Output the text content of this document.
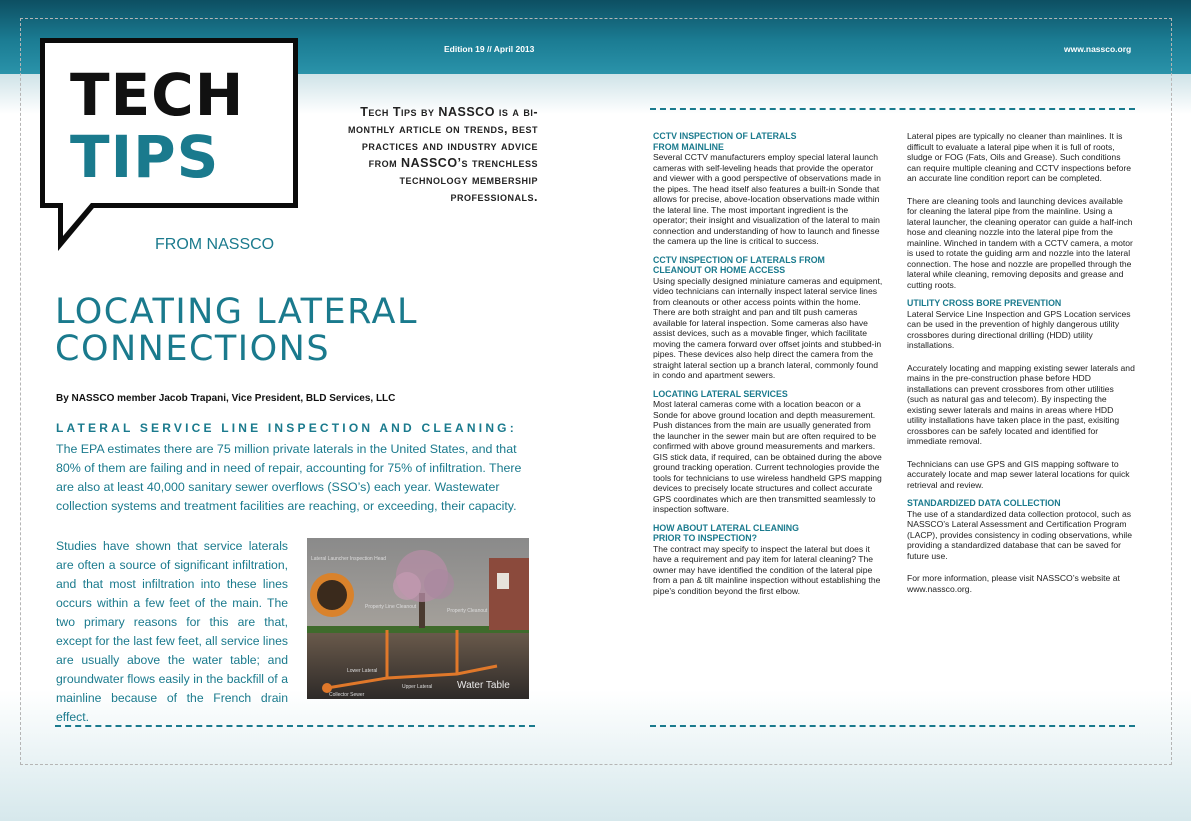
Edition 19 // April 2013	www.nassco.org
TECH
TIPS
FROM NASSCO
Tech Tips by NASSCO is a bi-monthly article on trends, best practices and industry advice from NASSCO’s trenchless technology membership professionals.
LOCATING LATERAL
CONNECTIONS
By NASSCO member Jacob Trapani, Vice President, BLD Services, LLC
LATERAL SERVICE LINE INSPECTION AND CLEANING:

The EPA estimates there are 75 million private laterals in the United States, and that 80% of them are failing and in need of repair, accounting for 75% of infiltration. There are also at least 40,000 sanitary sewer overflows (SSO’s) each year. Wastewater collection systems and treatment facilities are reaching, or exceeding, their capacity.

Studies have shown that service laterals are often a source of significant infiltration, and that most infiltration into these lines occurs within a few feet of the main. The two primary reasons for this are that, except for the last few feet, all service lines are usually above the water table; and groundwater flows easily in the backfill of a mainline because of the French drain effect.

Lateral Launcher Inspection Head
Property Line Cleanout
Property Cleanout
Lower Lateral
Upper Lateral
Collector Sewer
Water Table
CCTV INSPECTION OF LATERALS
FROM MAINLINE

Several CCTV manufacturers employ special lateral launch cameras with self-leveling heads that provide the operator and viewer with a good perspective of observations made in the pipes. The head itself also features a built-in Sonde that allows for precise, above-location observations made within the lateral line. The most important ingredient is the operator; their insight and visualization of the lateral to main connection and understanding of how to launch and finesse the camera up the line is critical to success.

CCTV INSPECTION OF LATERALS FROM
CLEANOUT OR HOME ACCESS

Using specially designed miniature cameras and equipment, video technicians can internally inspect lateral service lines from cleanouts or other access points within the home. There are both straight and pan and tilt push cameras available for lateral inspection. Some cameras also have assist devices, such as a movable finger, which facilitate moving the camera forward over offset joints and stubbed-in pipes. These devices also help direct the camera from the straight lateral section up a branch lateral, commonly found in condo and apartment sewers.

LOCATING LATERAL SERVICES

Most lateral cameras come with a location beacon or a Sonde for above ground location and depth measurement. Push distances from the main are usually generated from the launcher in the sewer main but are often required to be confirmed with above ground measurements and markers. GIS stick data, if required, can be obtained during the above ground tracking operation. Current technologies provide the tools for technicians to use wireless handheld GPS mapping devices to precisely locate structures and collect accurate GPS coordinates which are then transmitted seamlessly to inspection software.

HOW ABOUT LATERAL CLEANING
PRIOR TO INSPECTION?

The contract may specify to inspect the lateral but does it have a requirement and pay item for lateral cleaning? The owner may have identified the condition of the lateral pipe from a pan & tilt mainline inspection without establishing the pipe’s condition beyond the first elbow.

Lateral pipes are typically no cleaner than mainlines. It is difficult to evaluate a lateral pipe when it is full of roots, sludge or FOG (Fats, Oils and Grease). Such conditions can require multiple cleaning and CCTV inspections before an accurate line condition report can be completed.

There are cleaning tools and launching devices available for cleaning the lateral pipe from the mainline. Using a lateral launcher, the cleaning operator can guide a half-inch hose and cleaning nozzle into the lateral pipe from the mainline. Winched in tandem with a CCTV camera, a motor is used to rotate the guiding arm and nozzle into the lateral connection. The hose and nozzle are propelled through the lateral while cleaning, removing deposits and grease and cutting roots.

UTILITY CROSS BORE PREVENTION

Lateral Service Line Inspection and GPS Location services can be used in the prevention of highly dangerous utility crossbores during directional drilling (HDD) utility installations.

Accurately locating and mapping existing sewer laterals and mains in the pre-construction phase before HDD installations can prevent crossbores from other utilities (such as natural gas and telecom). By inspecting the existing sewer laterals and mains in areas where HDD utility installations have taken place in the past, exisiting crossbores can be safely located and identified for immediate removal.

Technicians can use GPS and GIS mapping software to accurately locate and map sewer lateral locations for quick retrieval and review.

STANDARDIZED DATA COLLECTION

The use of a standardized data collection protocol, such as NASSCO’s Lateral Assessment and Certification Program (LACP), provides consistency in coding observations, while providing a standardized database that can be saved for future use.

For more information, please visit NASSCO’s website at www.nassco.org.
